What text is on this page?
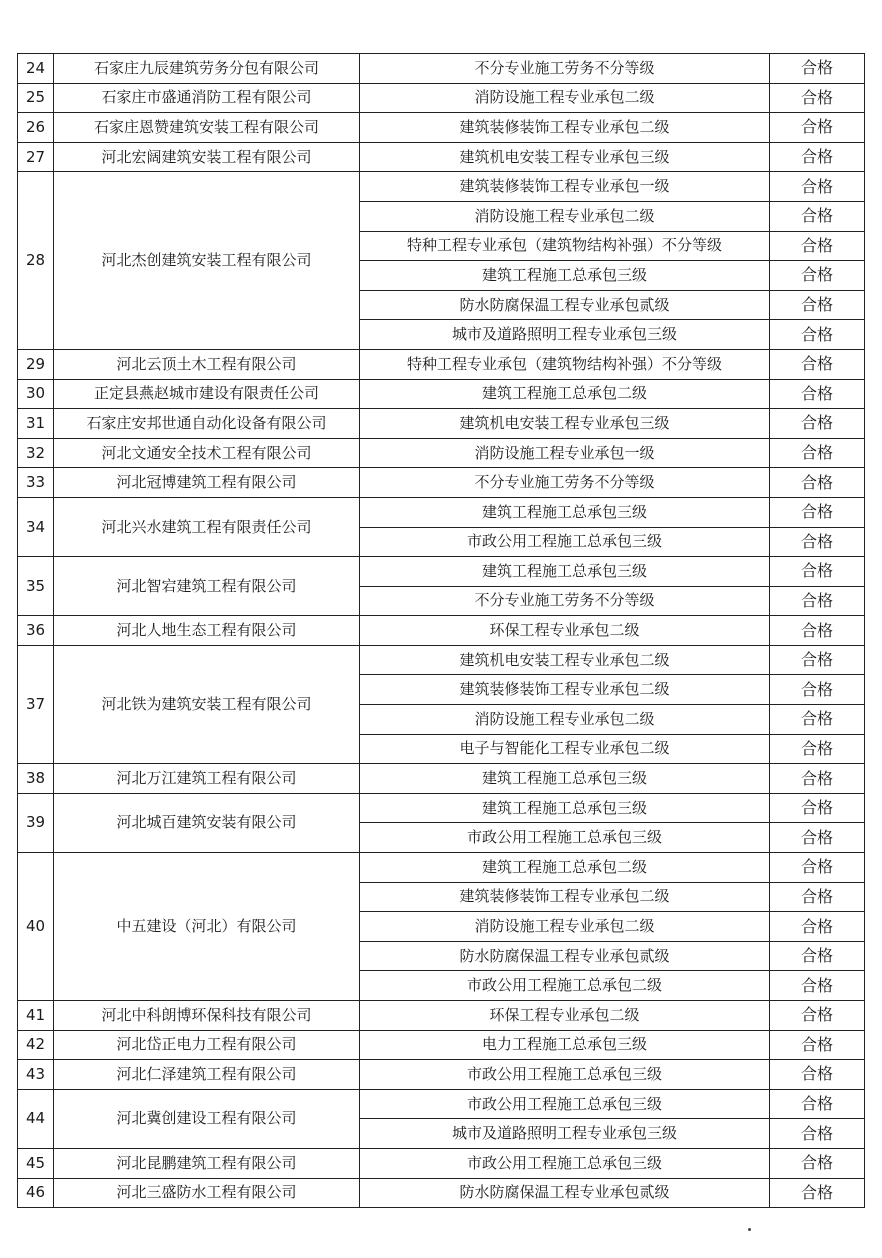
24	石家庄九辰建筑劳务分包有限公司	不分专业施工劳务不分等级	合格
25	石家庄市盛通消防工程有限公司	消防设施工程专业承包二级	合格
26	石家庄恩赞建筑安装工程有限公司	建筑装修装饰工程专业承包二级	合格
27	河北宏阔建筑安装工程有限公司	建筑机电安装工程专业承包三级	合格
28	河北杰创建筑安装工程有限公司	建筑装修装饰工程专业承包一级	合格
		消防设施工程专业承包二级	合格
		特种工程专业承包（建筑物结构补强）不分等级	合格
		建筑工程施工总承包三级	合格
		防水防腐保温工程专业承包贰级	合格
		城市及道路照明工程专业承包三级	合格
29	河北云顶土木工程有限公司	特种工程专业承包（建筑物结构补强）不分等级	合格
30	正定县燕赵城市建设有限责任公司	建筑工程施工总承包二级	合格
31	石家庄安邦世通自动化设备有限公司	建筑机电安装工程专业承包三级	合格
32	河北文通安全技术工程有限公司	消防设施工程专业承包一级	合格
33	河北冠博建筑工程有限公司	不分专业施工劳务不分等级	合格
34	河北兴水建筑工程有限责任公司	建筑工程施工总承包三级	合格
		市政公用工程施工总承包三级	合格
35	河北智宕建筑工程有限公司	建筑工程施工总承包三级	合格
		不分专业施工劳务不分等级	合格
36	河北人地生态工程有限公司	环保工程专业承包二级	合格
37	河北铁为建筑安装工程有限公司	建筑机电安装工程专业承包二级	合格
		建筑装修装饰工程专业承包二级	合格
		消防设施工程专业承包二级	合格
		电子与智能化工程专业承包二级	合格
38	河北万江建筑工程有限公司	建筑工程施工总承包三级	合格
39	河北城百建筑安装有限公司	建筑工程施工总承包三级	合格
		市政公用工程施工总承包三级	合格
40	中五建设（河北）有限公司	建筑工程施工总承包二级	合格
		建筑装修装饰工程专业承包二级	合格
		消防设施工程专业承包二级	合格
		防水防腐保温工程专业承包贰级	合格
		市政公用工程施工总承包二级	合格
41	河北中科朗博环保科技有限公司	环保工程专业承包二级	合格
42	河北岱正电力工程有限公司	电力工程施工总承包三级	合格
43	河北仁泽建筑工程有限公司	市政公用工程施工总承包三级	合格
44	河北冀创建设工程有限公司	市政公用工程施工总承包三级	合格
		城市及道路照明工程专业承包三级	合格
45	河北昆鹏建筑工程有限公司	市政公用工程施工总承包三级	合格
46	河北三盛防水工程有限公司	防水防腐保温工程专业承包贰级	合格
